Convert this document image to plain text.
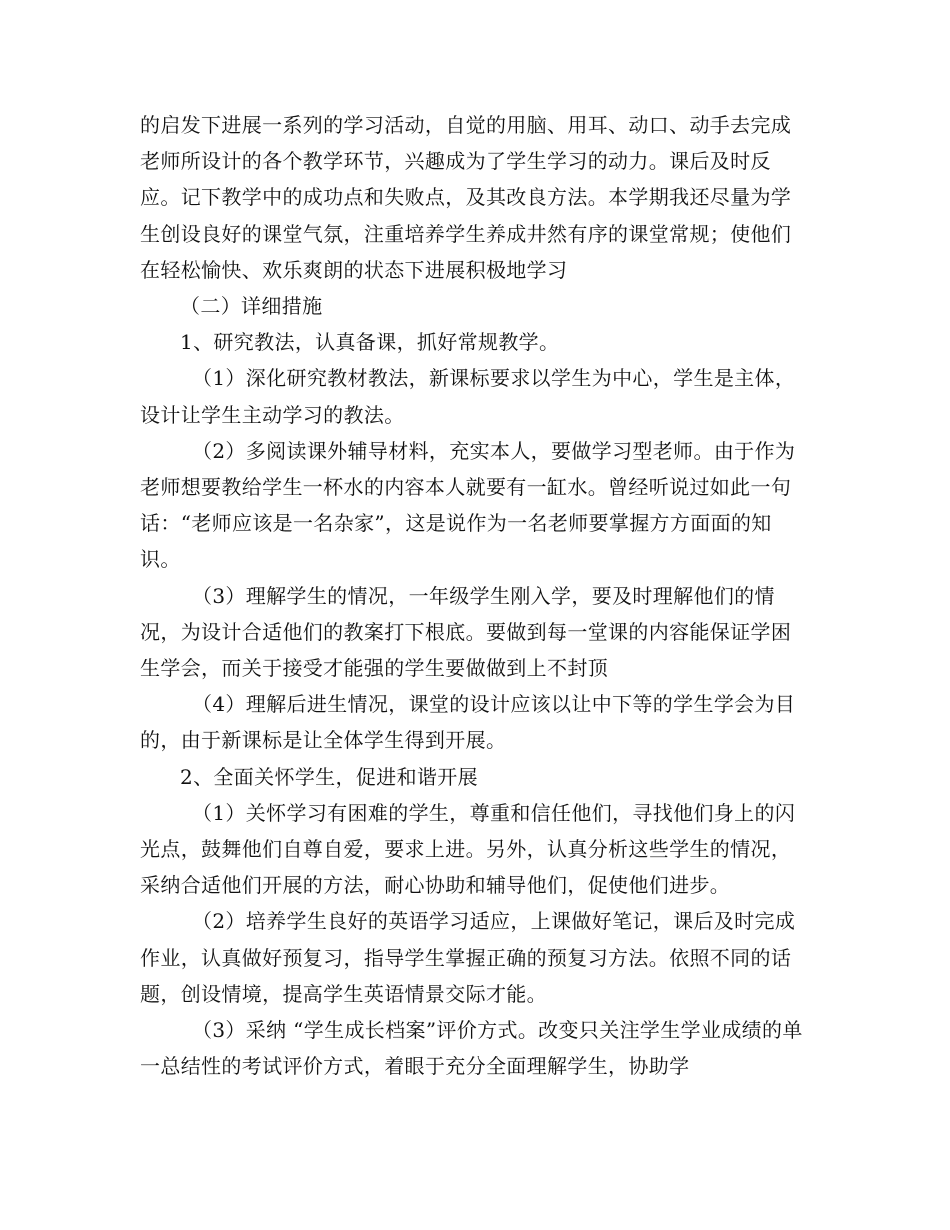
的启发下进展一系列的学习活动，自觉的用脑、用耳、动口、动手去完成老师所设计的各个教学环节，兴趣成为了学生学习的动力。课后及时反应。记下教学中的成功点和失败点，及其改良方法。本学期我还尽量为学生创设良好的课堂气氛，注重培养学生养成井然有序的课堂常规；使他们在轻松愉快、欢乐爽朗的状态下进展积极地学习

（二）详细措施

1、研究教法，认真备课，抓好常规教学。

（1）深化研究教材教法，新课标要求以学生为中心，学生是主体，设计让学生主动学习的教法。

（2）多阅读课外辅导材料，充实本人，要做学习型老师。由于作为老师想要教给学生一杯水的内容本人就要有一缸水。曾经听说过如此一句话：“老师应该是一名杂家”，这是说作为一名老师要掌握方方面面的知识。

（3）理解学生的情况，一年级学生刚入学，要及时理解他们的情况，为设计合适他们的教案打下根底。要做到每一堂课的内容能保证学困生学会，而关于接受才能强的学生要做做到上不封顶

（4）理解后进生情况，课堂的设计应该以让中下等的学生学会为目的，由于新课标是让全体学生得到开展。

2、全面关怀学生，促进和谐开展

（1）关怀学习有困难的学生，尊重和信任他们，寻找他们身上的闪光点，鼓舞他们自尊自爱，要求上进。另外，认真分析这些学生的情况，采纳合适他们开展的方法，耐心协助和辅导他们，促使他们进步。

（2）培养学生良好的英语学习适应，上课做好笔记，课后及时完成作业，认真做好预复习，指导学生掌握正确的预复习方法。依照不同的话题，创设情境，提高学生英语情景交际才能。

（3）采纳 “学生成长档案”评价方式。改变只关注学生学业成绩的单一总结性的考试评价方式，着眼于充分全面理解学生，协助学
